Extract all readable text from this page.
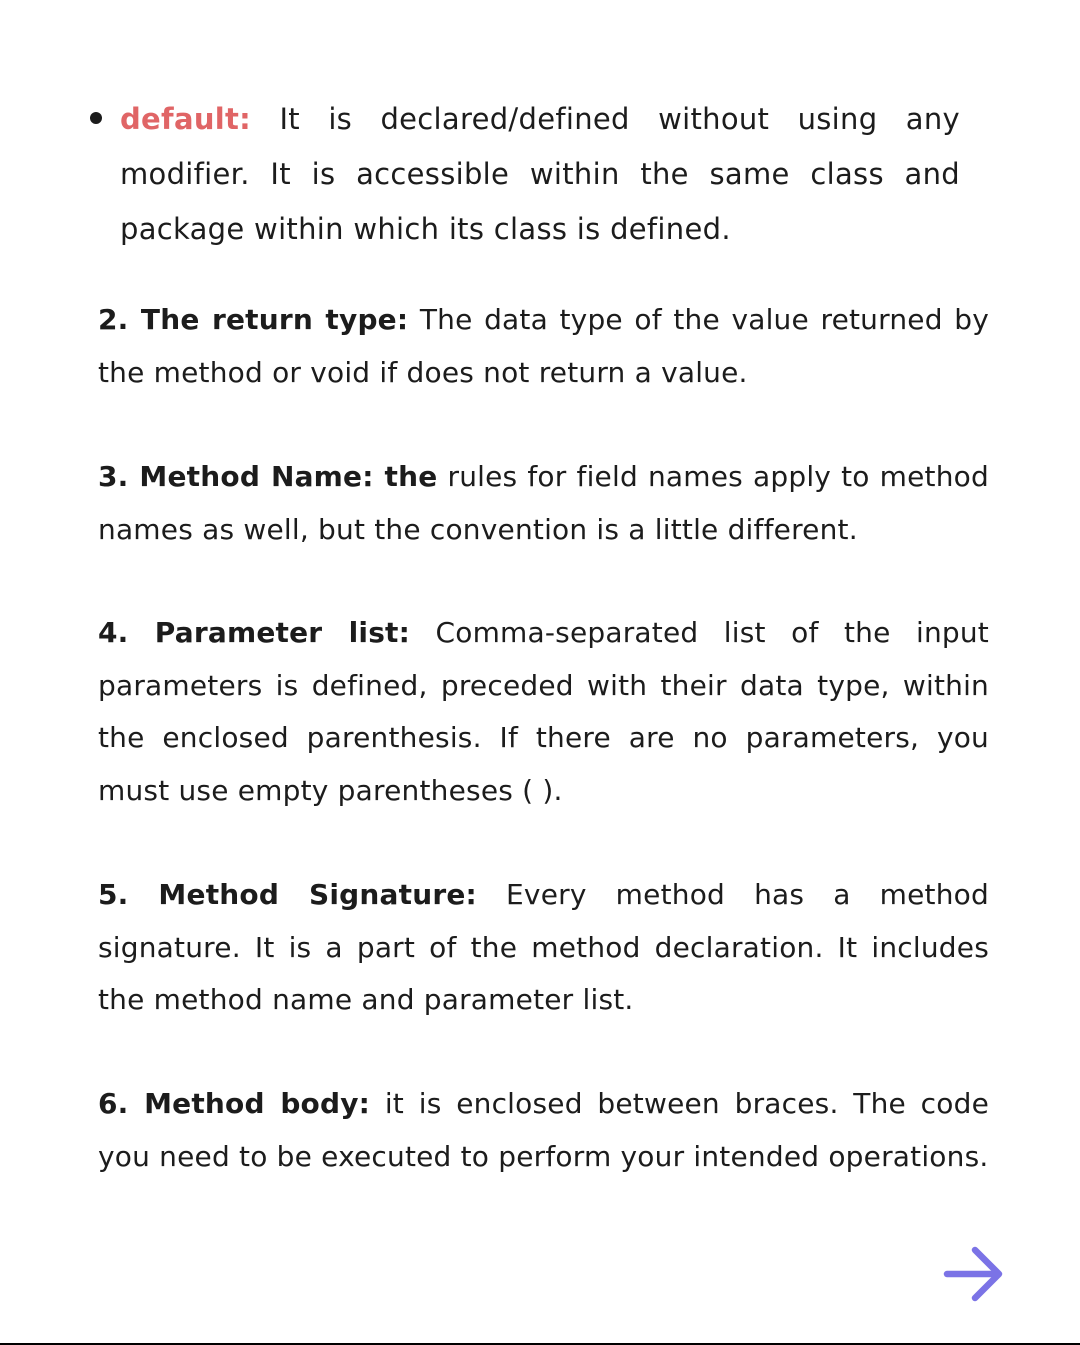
default: It is declared/defined without using any modifier. It is accessible within the same class and package within which its class is defined.
2. The return type: The data type of the value returned by the method or void if does not return a value.
3. Method Name: the rules for field names apply to method names as well, but the convention is a little different.
4. Parameter list: Comma-separated list of the input parameters is defined, preceded with their data type, within the enclosed parenthesis. If there are no parameters, you must use empty parentheses ( ).
5. Method Signature: Every method has a method signature. It is a part of the method declaration. It includes the method name and parameter list.
6. Method body: it is enclosed between braces. The code you need to be executed to perform your intended operations.
